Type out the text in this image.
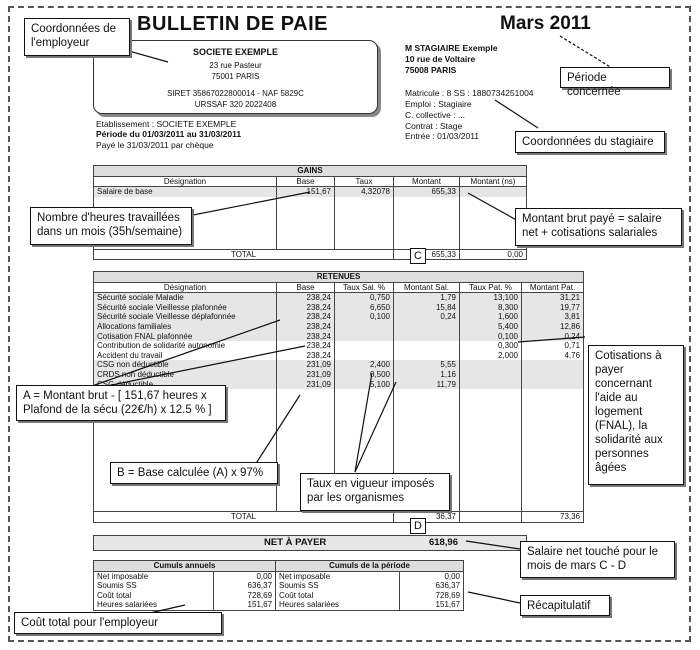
BULLETIN DE PAIE	Mars 2011
SOCIETE EXEMPLE
23 rue Pasteur
75001 PARIS
SIRET 35867022800014 - NAF 5829C
URSSAF 320 2022408
Etablissement : SOCIETE EXEMPLE
Période du 01/03/2011 au 31/03/2011
Payé le 31/03/2011 par chèque
M STAGIAIRE Exemple
10 rue de Voltaire
75008 PARIS
Matricule : 8 SS : 1880734251004
Emploi : Stagiaire
C. collective : ...
Contrat : Stage
Entrée : 01/03/2011
GAINS				
Désignation	Base	Taux	Montant	Montant (ns)
Salaire de base	151,67	4,32078	655,33	

TOTAL			655,33	0,00
C
RETENUES					
Désignation	Base	Taux Sal. %	Montant Sal.	Taux Pat. %	Montant Pat.
Sécurité sociale Maladie	238,24	0,750	1,79	13,100	31,21
Sécurité sociale Vieillesse plafonnée	238,24	6,650	15,84	8,300	19,77
Sécurité sociale Vieillesse déplafonnée	238,24	0,100	0,24	1,600	3,81
Allocations familiales	238,24			5,400	12,86
Cotisation FNAL plafonnée	238,24			0,100	0,24
Contribution de solidarité autonomie	238,24			0,300	0,71
Accident du travail	238,24			2,000	4,76
CSG non déductible	231,09	2,400	5,55		
CRDS non déductible	231,09	0,500	1,16		
	231,09	5,100	11,79		

TOTAL			36,37		73,36
D
NET À PAYER	618,96
Cumuls annuels		Cumuls de la période	
Net imposable	0,00	Net imposable	0,00
Soumis SS	636,37	Soumis SS	636,37
Coût total	728,69	Coût total	728,69
Heures salariées	151,67	Heures salariées	151,67
Coordonnées de l'employeur
Période concernée
Coordonnées du stagiaire
Nombre d'heures travaillées dans un mois (35h/semaine)
Montant brut payé = salaire net + cotisations salariales
Cotisations à payer concernant l'aide au logement (FNAL), la solidarité aux personnes âgées
A = Montant brut - [ 151,67 heures x Plafond de la sécu (22€/h) x 12.5 % ]
B = Base calculée (A) x 97%
Taux en vigueur imposés par les organismes
Salaire net touché pour le mois de mars C - D
Récapitulatif
Coût total pour l'employeur
